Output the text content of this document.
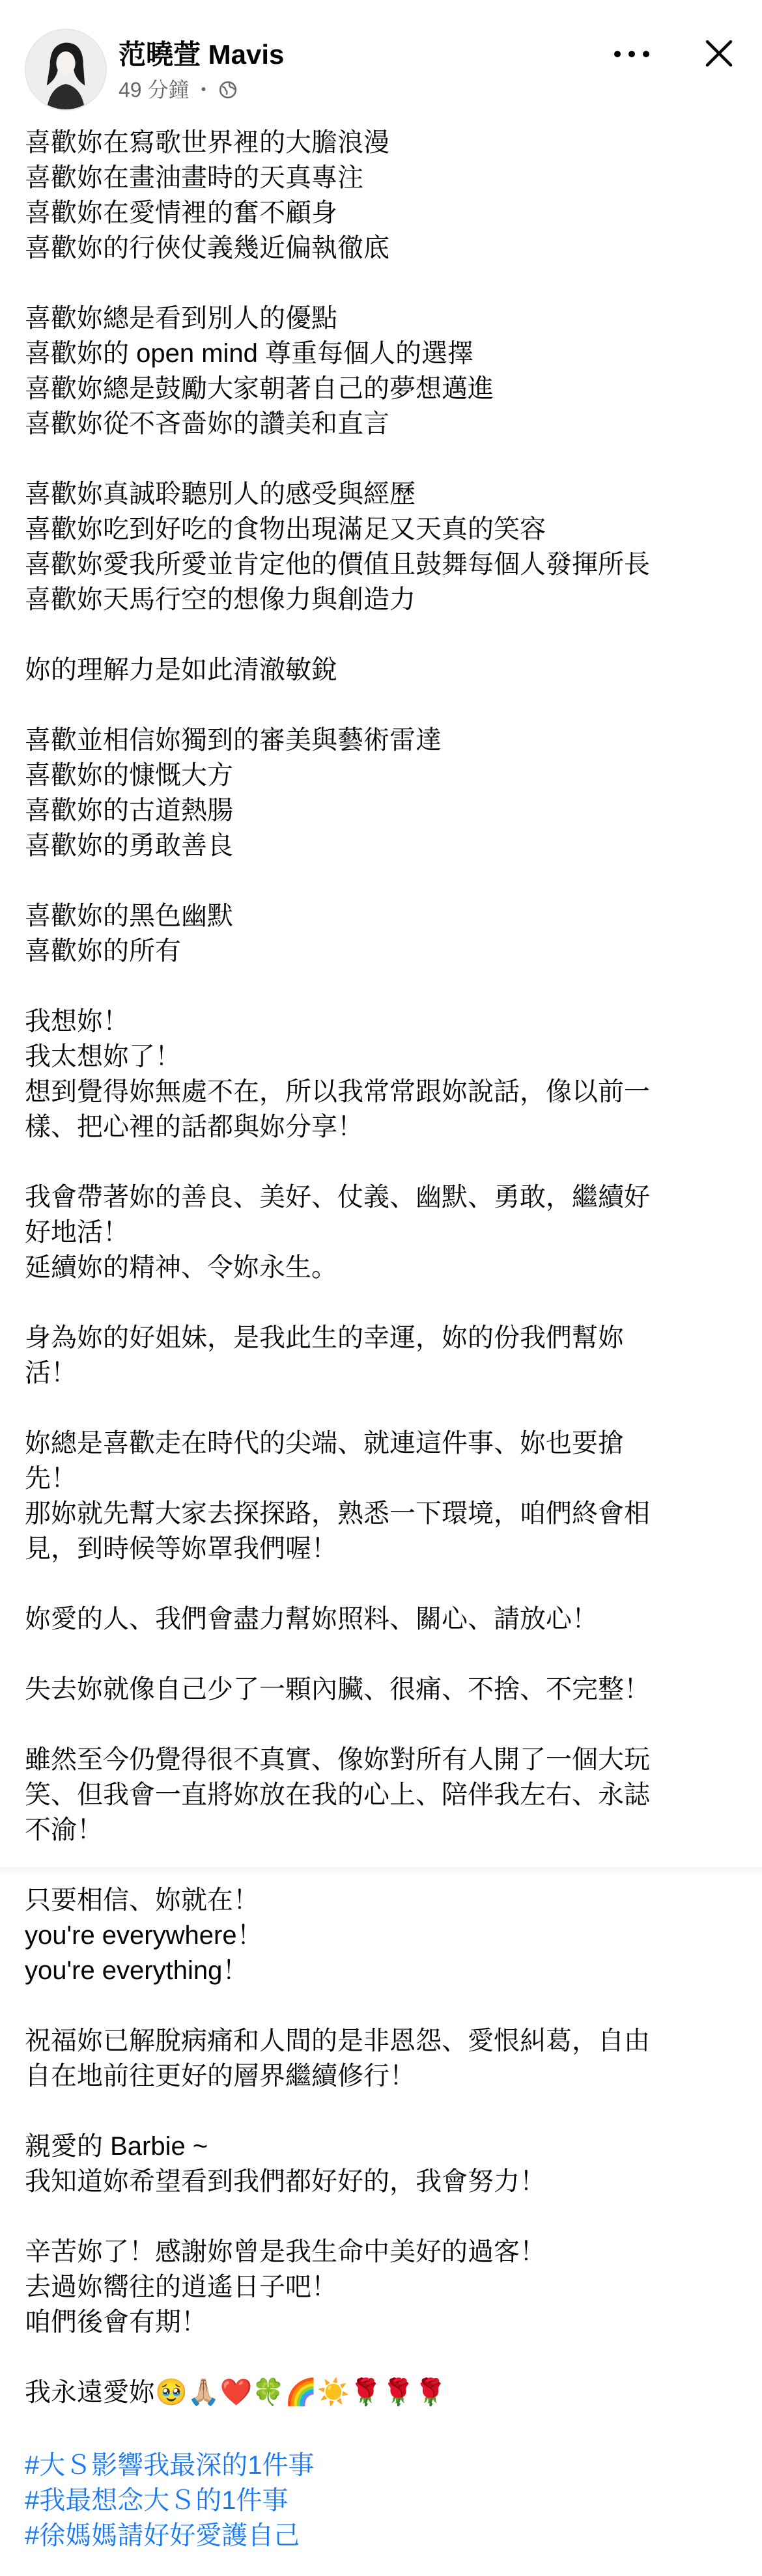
范曉萱 Mavis
49 分鐘 ・

喜歡妳在寫歌世界裡的大膽浪漫

喜歡妳在畫油畫時的天真專注

喜歡妳在愛情裡的奮不顧身

喜歡妳的行俠仗義幾近偏執徹底

喜歡妳總是看到別人的優點

喜歡妳的 open mind 尊重每個人的選擇

喜歡妳總是鼓勵大家朝著自己的夢想邁進

喜歡妳從不吝嗇妳的讚美和直言

喜歡妳真誠聆聽別人的感受與經歷

喜歡妳吃到好吃的食物出現滿足又天真的笑容

喜歡妳愛我所愛並肯定他的價值且鼓舞每個人發揮所長

喜歡妳天馬行空的想像力與創造力

妳的理解力是如此清澈敏銳

喜歡並相信妳獨到的審美與藝術雷達

喜歡妳的慷慨大方

喜歡妳的古道熱腸

喜歡妳的勇敢善良

喜歡妳的黑色幽默

喜歡妳的所有

我想妳！

我太想妳了！

想到覺得妳無處不在，所以我常常跟妳說話，像以前一

樣、把心裡的話都與妳分享！

我會帶著妳的善良、美好、仗義、幽默、勇敢，繼續好

好地活！

延續妳的精神、令妳永生。

身為妳的好姐妹，是我此生的幸運，妳的份我們幫妳

活！

妳總是喜歡走在時代的尖端、就連這件事、妳也要搶

先！

那妳就先幫大家去探探路，熟悉一下環境，咱們終會相

見，到時候等妳罩我們喔！

妳愛的人、我們會盡力幫妳照料、關心、請放心！

失去妳就像自己少了一顆內臟、很痛、不捨、不完整！

雖然至今仍覺得很不真實、像妳對所有人開了一個大玩

笑、但我會一直將妳放在我的心上、陪伴我左右、永誌

不渝！

只要相信、妳就在！

you're everywhere！

you're everything！

祝福妳已解脫病痛和人間的是非恩怨、愛恨糾葛，自由

自在地前往更好的層界繼續修行！

親愛的 Barbie ~

我知道妳希望看到我們都好好的，我會努力！

辛苦妳了！感謝妳曾是我生命中美好的過客！

去過妳嚮往的逍遙日子吧！

咱們後會有期！

我永遠愛妳🥹🙏🏼❤️🍀🌈☀️🌹🌹🌹

#大Ｓ影響我最深的1件事
#我最想念大Ｓ的1件事
#徐媽媽請好好愛護自己
